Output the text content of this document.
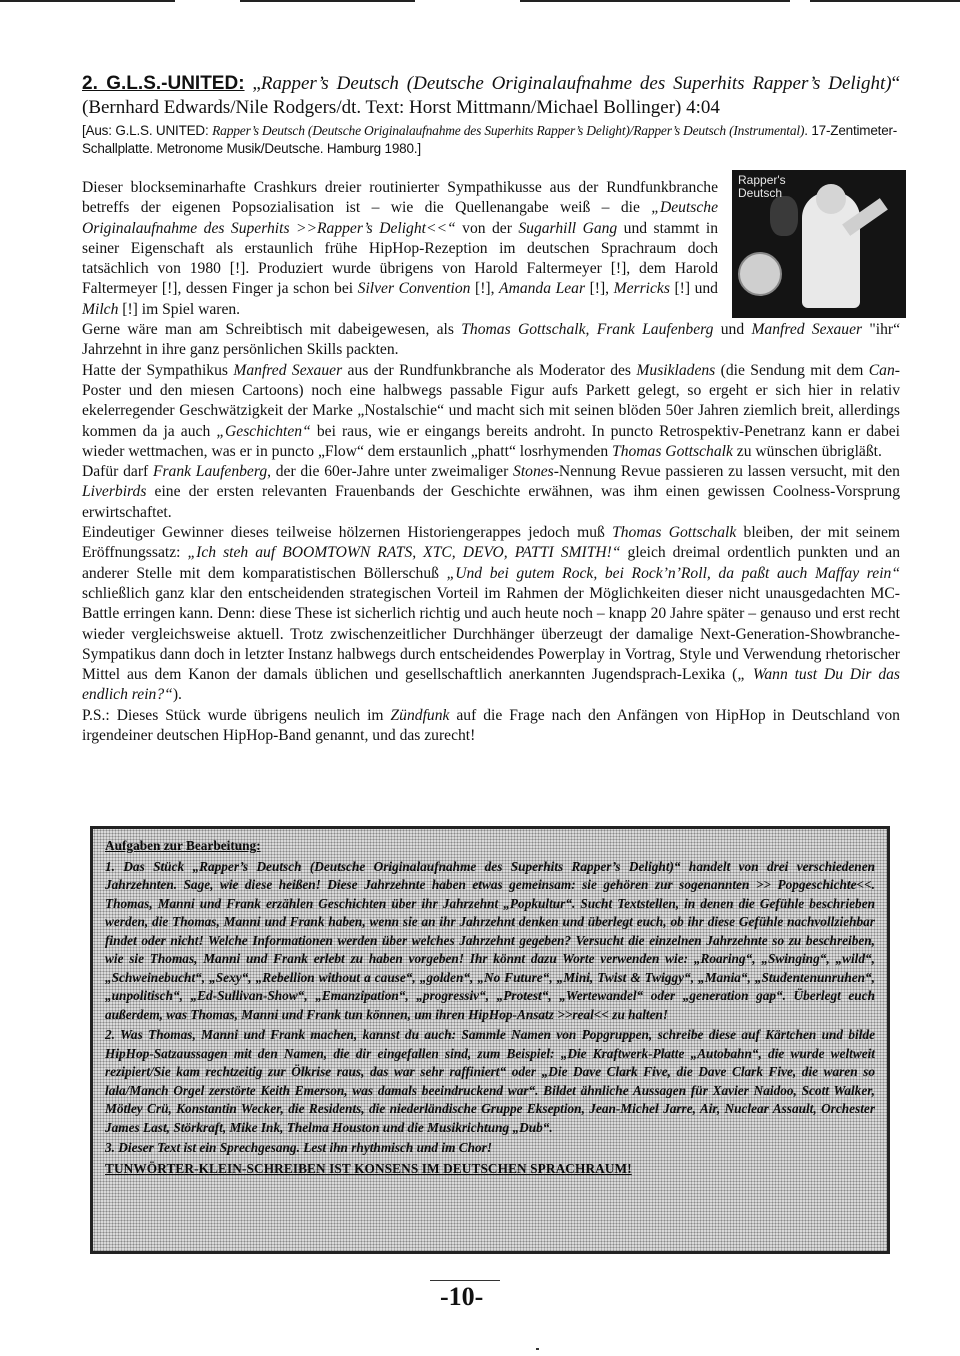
2. G.L.S.-UNITED: „Rapper’s Deutsch (Deutsche Originalaufnahme des Superhits Rapper’s Delight)“ (Bernhard Edwards/Nile Rodgers/dt. Text: Horst Mittmann/Michael Bollinger) 4:04

[Aus: G.L.S. UNITED: Rapper’s Deutsch (Deutsche Originalaufnahme des Superhits Rapper’s Delight)/Rapper’s Deutsch (Instrumental). 17-Zentimeter-Schallplatte. Metronome Musik/Deutsche. Hamburg 1980.]

Rapper's Deutsch

Dieser blockseminarhafte Crashkurs dreier routinierter Sympathikusse aus der Rundfunkbranche betreffs der eigenen Popsozialisation ist – wie die Quellenangabe weiß – die „Deutsche Originalaufnahme des Superhits >>Rapper’s Delight<<“ von der Sugarhill Gang und stammt in seiner Eigenschaft als erstaunlich frühe HipHop-Rezeption im deutschen Sprachraum doch tatsächlich von 1980 [!]. Produziert wurde übrigens von Harold Faltermeyer [!], dem Harold Faltermeyer [!], dessen Finger ja schon bei Silver Convention [!], Amanda Lear [!], Merricks [!] und Milch [!] im Spiel waren.

Gerne wäre man am Schreibtisch mit dabeigewesen, als Thomas Gottschalk, Frank Laufenberg und Manfred Sexauer "ihr“ Jahrzehnt in ihre ganz persönlichen Skills packten.

Hatte der Sympathikus Manfred Sexauer aus der Rundfunkbranche als Moderator des Musikladens (die Sendung mit dem Can-Poster und den miesen Cartoons) noch eine halbwegs passable Figur aufs Parkett gelegt, so ergeht er sich hier in relativ ekelerregender Geschwätzigkeit der Marke „Nostalschie“ und macht sich mit seinen blöden 50er Jahren ziemlich breit, allerdings kommen da ja auch „Geschichten“ bei raus, wie er eingangs bereits androht. In puncto Retrospektiv-Penetranz kann er dabei wieder wettmachen, was er in puncto „Flow“ dem erstaunlich „phatt“ losrhymenden Thomas Gottschalk zu wünschen übrigläßt.

Dafür darf Frank Laufenberg, der die 60er-Jahre unter zweimaliger Stones-Nennung Revue passieren zu lassen versucht, mit den Liverbirds eine der ersten relevanten Frauenbands der Geschichte erwähnen, was ihm einen gewissen Coolness-Vorsprung erwirtschaftet.

Eindeutiger Gewinner dieses teilweise hölzernen Historiengerappes jedoch muß Thomas Gottschalk bleiben, der mit seinem Eröffnungssatz: „Ich steh auf BOOMTOWN RATS, XTC, DEVO, PATTI SMITH!“ gleich dreimal ordentlich punkten und an anderer Stelle mit dem komparatistischen Böllerschuß „Und bei gutem Rock, bei Rock’n’Roll, da paßt auch Maffay rein“ schließlich ganz klar den entscheidenden strategischen Vorteil im Rahmen der Möglichkeiten dieser nicht unausgedachten MC-Battle erringen kann. Denn: diese These ist sicherlich richtig und auch heute noch – knapp 20 Jahre später – genauso und erst recht wieder vergleichsweise aktuell. Trotz zwischenzeitlicher Durchhänger überzeugt der damalige Next-Generation-Showbranche-Sympatikus dann doch in letzter Instanz halbwegs durch entscheidendes Powerplay in Vortrag, Style und Verwendung rhetorischer Mittel aus dem Kanon der damals üblichen und gesellschaftlich anerkannten Jugendsprach-Lexika („ Wann tust Du Dir das endlich rein?“).

P.S.: Dieses Stück wurde übrigens neulich im Zündfunk auf die Frage nach den Anfängen von HipHop in Deutschland von irgendeiner deutschen HipHop-Band genannt, und das zurecht!

Aufgaben zur Bearbeitung:

1. Das Stück „Rapper’s Deutsch (Deutsche Originalaufnahme des Superhits Rapper’s Delight)“ handelt von drei verschiedenen Jahrzehnten. Sage, wie diese heißen! Diese Jahrzehnte haben etwas gemeinsam: sie gehören zur sogenannten >> Popgeschichte<<. Thomas, Manni und Frank erzählen Geschichten über ihr Jahrzehnt „Popkultur“. Sucht Textstellen, in denen die Gefühle beschrieben werden, die Thomas, Manni und Frank haben, wenn sie an ihr Jahrzehnt denken und überlegt euch, ob ihr diese Gefühle nachvollziehbar findet oder nicht! Welche Informationen werden über welches Jahrzehnt gegeben? Versucht die einzelnen Jahrzehnte so zu beschreiben, wie sie Thomas, Manni und Frank erlebt zu haben vorgeben! Ihr könnt dazu Worte verwenden wie: „Roaring“, „Swinging“, „wild“, „Schweinebucht“, „Sexy“, „Rebellion without a cause“, „golden“, „No Future“, „Mini, Twist & Twiggy“, „Mania“, „Studentenunruhen“, „unpolitisch“, „Ed-Sullivan-Show“, „Emanzipation“, „progressiv“, „Protest“, „Wertewandel“ oder „generation gap“. Überlegt euch außerdem, was Thomas, Manni und Frank tun können, um ihren HipHop-Ansatz >>real<< zu halten!

2. Was Thomas, Manni und Frank machen, kannst du auch: Sammle Namen von Popgruppen, schreibe diese auf Kärtchen und bilde HipHop-Satzaussagen mit den Namen, die dir eingefallen sind, zum Beispiel: „Die Kraftwerk-Platte „Autobahn“, die wurde weltweit rezipiert/Sie kam rechtzeitig zur Ölkrise raus, das war sehr raffiniert“ oder „Die Dave Clark Five, die Dave Clark Five, die waren so lala/Manch Orgel zerstörte Keith Emerson, was damals beeindruckend war“. Bildet ähnliche Aussagen für Xavier Naidoo, Scott Walker, Mötley Crü, Konstantin Wecker, die Residents, die niederländische Gruppe Ekseption, Jean-Michel Jarre, Air, Nuclear Assault, Orchester James Last, Störkraft, Mike Ink, Thelma Houston und die Musikrichtung „Dub“.

3. Dieser Text ist ein Sprechgesang. Lest ihn rhythmisch und im Chor!

TUNWÖRTER-KLEIN-SCHREIBEN IST KONSENS IM DEUTSCHEN SPRACHRAUM!

-10-
